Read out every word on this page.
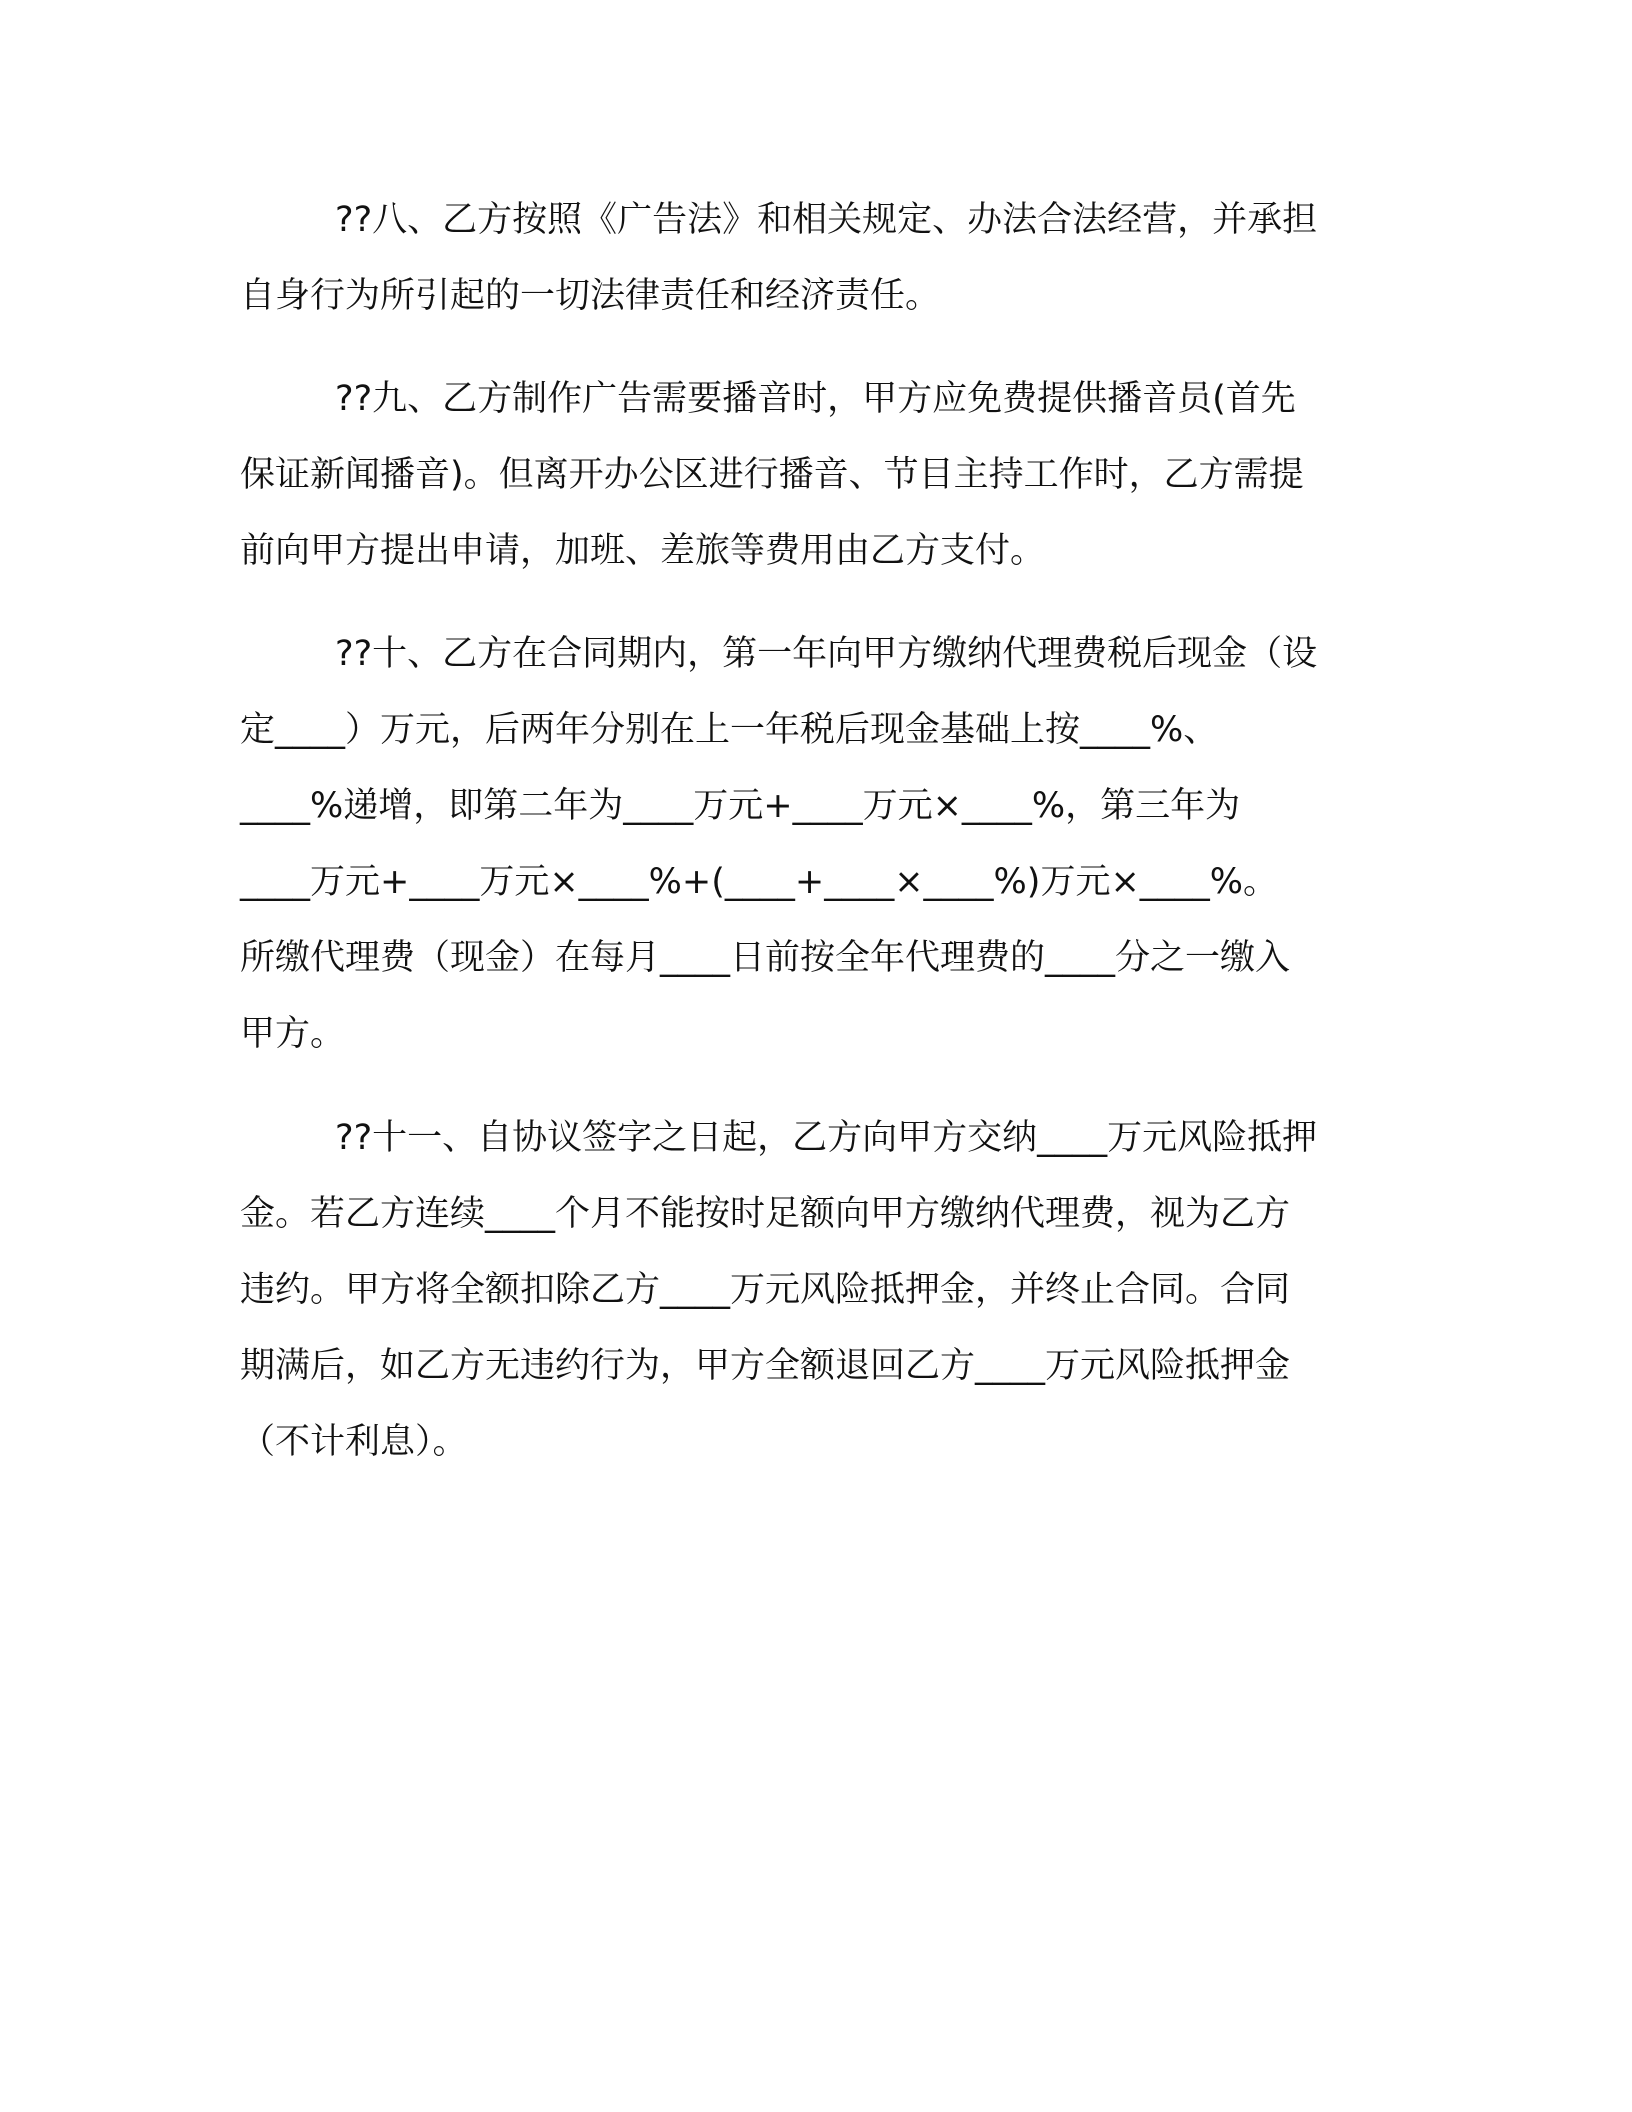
??八、乙方按照《广告法》和相关规定、办法合法经营，并承担
自身行为所引起的一切法律责任和经济责任。
??九、乙方制作广告需要播音时，甲方应免费提供播音员(首先
保证新闻播音)。但离开办公区进行播音、节目主持工作时，乙方需提
前向甲方提出申请，加班、差旅等费用由乙方支付。
??十、乙方在合同期内，第一年向甲方缴纳代理费税后现金（设
定____）万元，后两年分别在上一年税后现金基础上按____%、
____%递增，即第二年为____万元+____万元×____%，第三年为
____万元+____万元×____%+(____+____×____%)万元×____%。
所缴代理费（现金）在每月____日前按全年代理费的____分之一缴入
甲方。
??十一、自协议签字之日起，乙方向甲方交纳____万元风险抵押
金。若乙方连续____个月不能按时足额向甲方缴纳代理费，视为乙方
违约。甲方将全额扣除乙方____万元风险抵押金，并终止合同。合同
期满后，如乙方无违约行为，甲方全额退回乙方____万元风险抵押金
（不计利息）。
